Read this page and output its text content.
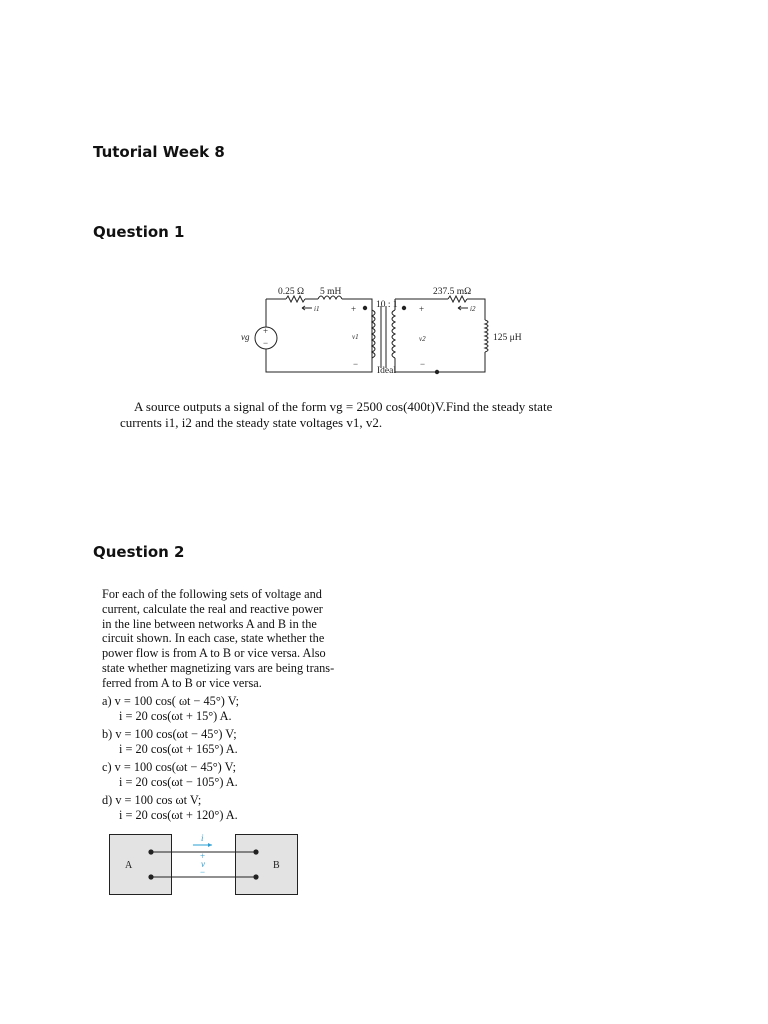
Tutorial Week 8
Question 1
+
−
vg
0.25 Ω 5 mH
i1	10 : 1
+
v1
−
Ideal
+
v2
−
237.5 mΩ
i2
125 μH
A source outputs a signal of the form vg = 2500 cos(400t)V.Find the steady state
currents i1, i2 and the steady state voltages v1, v2.
Question 2
For each of the following sets of voltage and
current, calculate the real and reactive power
in the line between networks A and B in the
circuit shown. In each case, state whether the
power flow is from A to B or vice versa. Also
state whether magnetizing vars are being trans-
ferred from A to B or vice versa.
a) v = 100 cos( ωt − 45°) V;
i = 20 cos(ωt + 15°) A.
b) v = 100 cos(ωt − 45°) V;
i = 20 cos(ωt + 165°) A.
c) v = 100 cos(ωt − 45°) V;
i = 20 cos(ωt − 105°) A.
d) v = 100 cos ωt V;
i = 20 cos(ωt + 120°) A.
A	B
i
+
v
−
